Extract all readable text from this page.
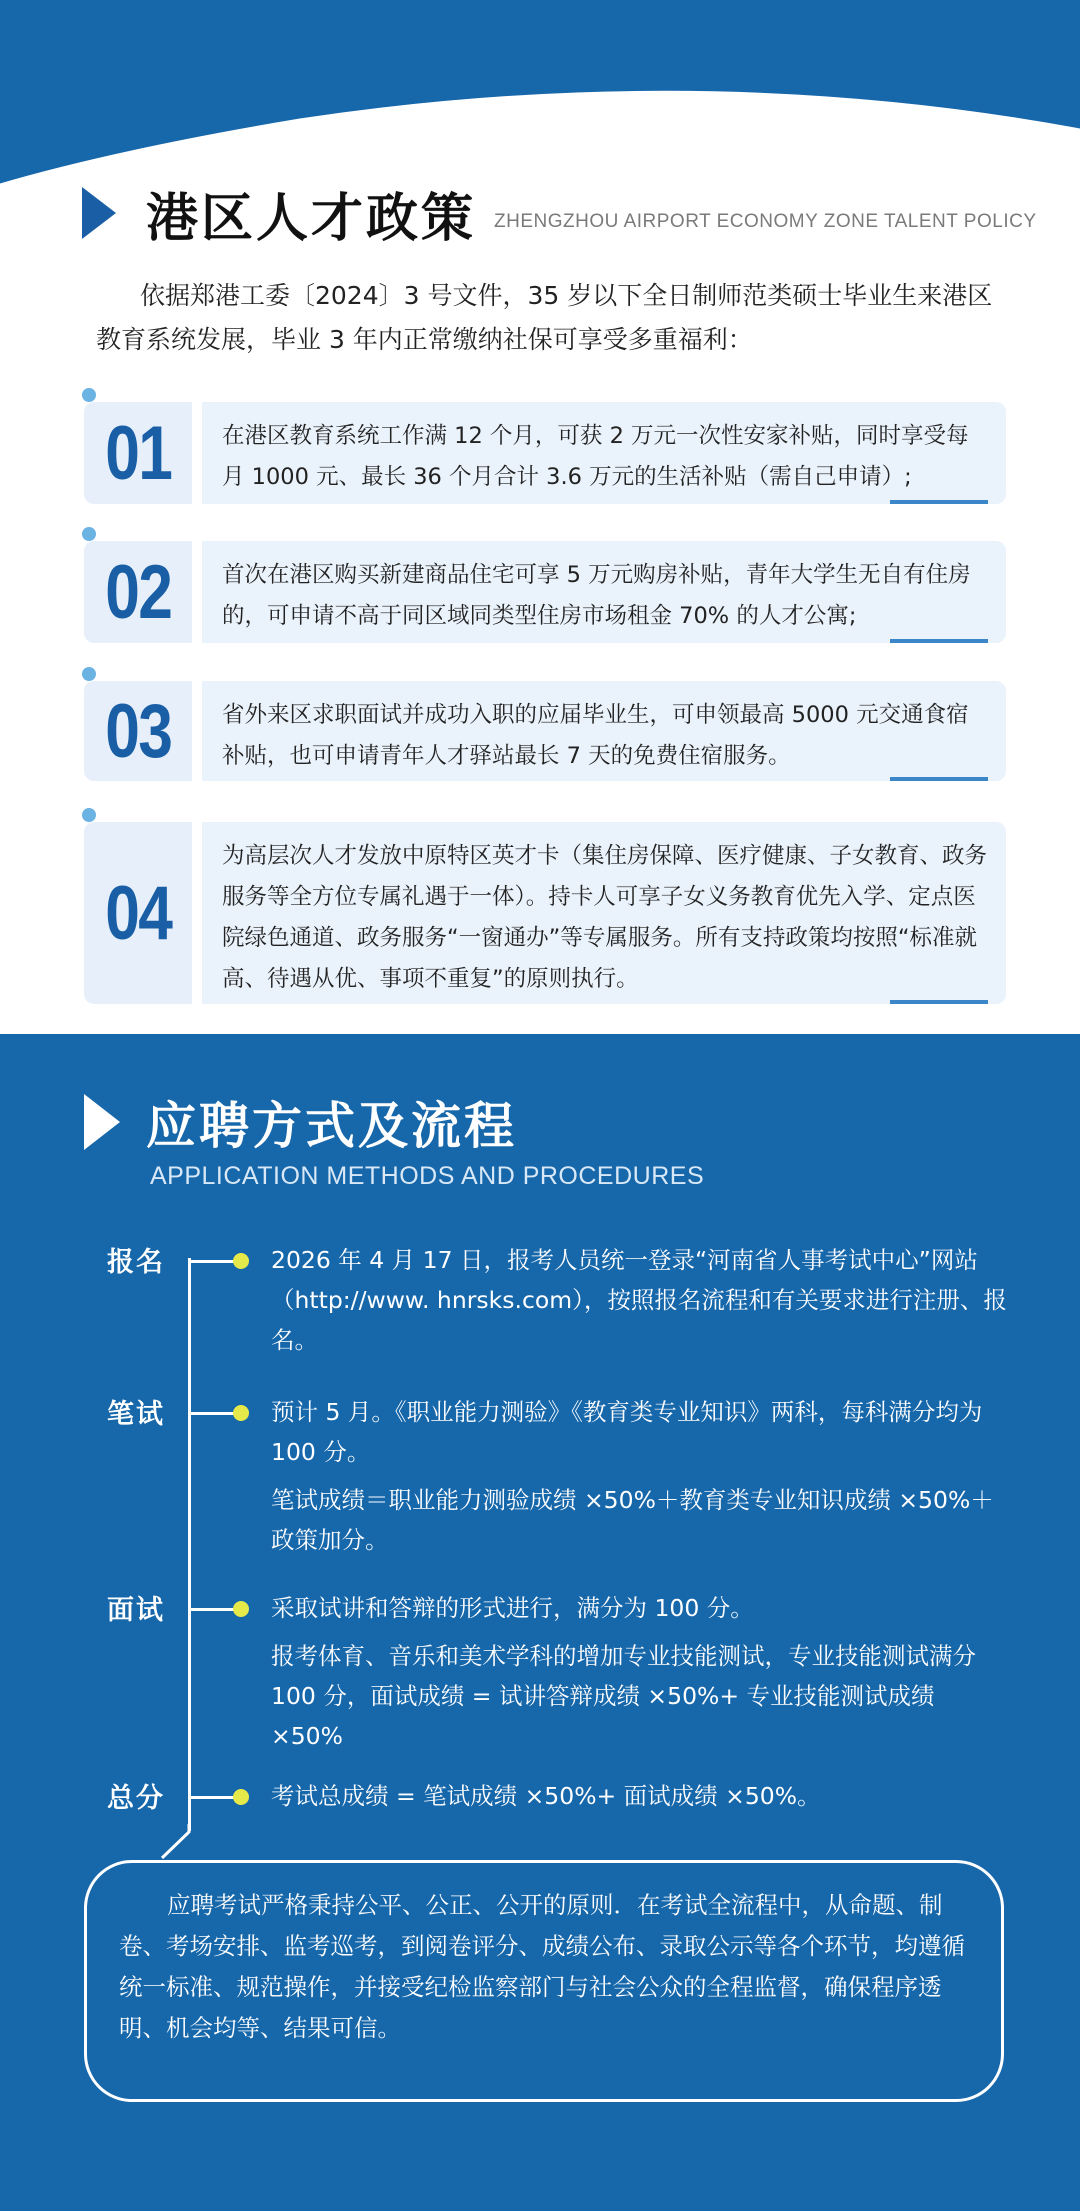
港区人才政策 ZHENGZHOU AIRPORT ECONOMY ZONE TALENT POLICY

依据郑港工委〔2024〕3 号文件，35 岁以下全日制师范类硕士毕业生来港区教育系统发展，毕业 3 年内正常缴纳社保可享受多重福利：

01	在港区教育系统工作满 12 个月，可获 2 万元一次性安家补贴，同时享受每月 1000 元、最长 36 个月合计 3.6 万元的生活补贴（需自己申请）;
02	首次在港区购买新建商品住宅可享 5 万元购房补贴，青年大学生无自有住房的，可申请不高于同区域同类型住房市场租金 70% 的人才公寓;
03	省外来区求职面试并成功入职的应届毕业生，可申领最高 5000 元交通食宿补贴，也可申请青年人才驿站最长 7 天的免费住宿服务。
04
为高层次人才发放中原特区英才卡（集住房保障、医疗健康、子女教育、政务服务等全方位专属礼遇于一体）。持卡人可享子女义务教育优先入学、定点医院绿色通道、政务服务“一窗通办”等专属服务。所有支持政策均按照“标准就高、待遇从优、事项不重复”的原则执行。
应聘方式及流程
APPLICATION METHODS AND PROCEDURES
报名	2026 年 4 月 17 日，报考人员统一登录“河南省人事考试中心”网站（http://www. hnrsks.com），按照报名流程和有关要求进行注册、报名。

笔试	预计 5 月。《职业能力测验》《教育类专业知识》两科，每科满分均为 100 分。

笔试成绩＝职业能力测验成绩 ×50%＋教育类专业知识成绩 ×50%＋政策加分。

面试	采取试讲和答辩的形式进行，满分为 100 分。

报考体育、音乐和美术学科的增加专业技能测试，专业技能测试满分 100 分，面试成绩 = 试讲答辩成绩 ×50%+ 专业技能测试成绩 ×50%

总分	考试总成绩 = 笔试成绩 ×50%+ 面试成绩 ×50%。

应聘考试严格秉持公平、公正、公开的原则．在考试全流程中，从命题、制卷、考场安排、监考巡考，到阅卷评分、成绩公布、录取公示等各个环节，均遵循统一标准、规范操作，并接受纪检监察部门与社会公众的全程监督，确保程序透明、机会均等、结果可信。
